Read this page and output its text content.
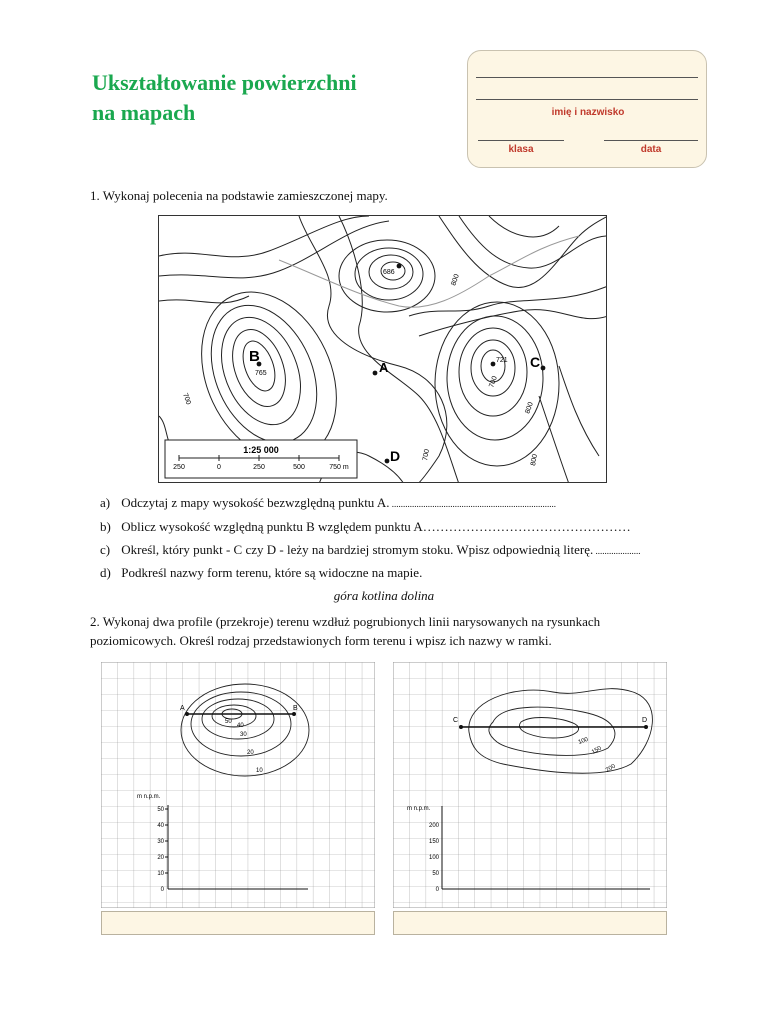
Ukształtowanie powierzchni
na mapach	imię i nazwisko
klasa	data
1. Wykonaj polecenia na podstawie zamieszczonej mapy.
B
A	C
D
686
765
721
800
700
700
700
800
800
1:25 000
250	0	250	500	750 m
a) Odczytaj z mapy wysokość bezwzględną punktu A. .........................................................................
b) Oblicz wysokość względną punktu B względem punktu A…………………………………………
c) Określ, który punkt - C czy D - leży na bardziej stromym stoku. Wpisz odpowiednią literę. ....................
d) Podkreśl nazwy form terenu, które są widoczne na mapie.
góra kotlina dolina
2. Wykonaj dwa profile (przekroje) terenu wzdłuż pogrubionych linii narysowanych na rysunkach
poziomicowych. Określ rodzaj przedstawionych form terenu i wpisz ich nazwy w ramki.
A	B
50
40
30
20
10
m n.p.m.
50
40
30
20
10
0
C	D
100
150
200
m n.p.m.
200
150
100
50
0
